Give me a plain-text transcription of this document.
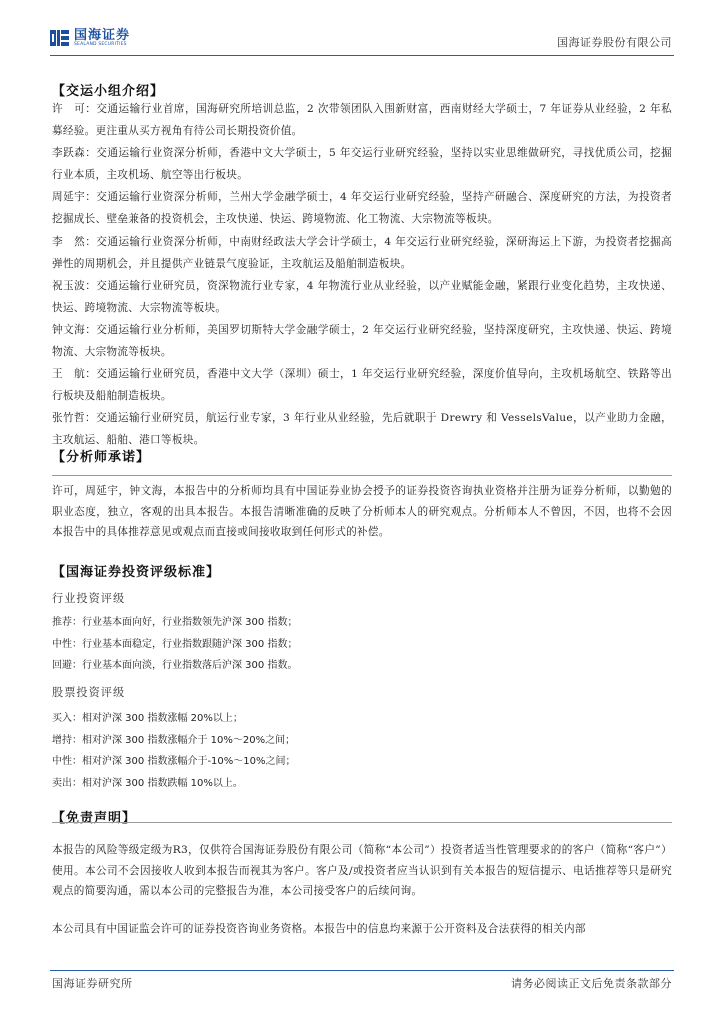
国海证券
SEALAND SECURITIES	国海证券股份有限公司
【交运小组介绍】

许　可：交通运输行业首席，国海研究所培训总监，2 次带领团队入围新财富，西南财经大学硕士，7 年证券从业经验，2 年私募经验。更注重从买方视角有待公司长期投资价值。

李跃森：交通运输行业资深分析师，香港中文大学硕士，5 年交运行业研究经验，坚持以实业思维做研究，寻找优质公司，挖掘行业本质，主攻机场、航空等出行板块。

周延宇：交通运输行业资深分析师，兰州大学金融学硕士，4 年交运行业研究经验，坚持产研融合、深度研究的方法，为投资者挖掘成长、壁垒兼备的投资机会，主攻快递、快运、跨境物流、化工物流、大宗物流等板块。

李　然：交通运输行业资深分析师，中南财经政法大学会计学硕士，4 年交运行业研究经验，深研海运上下游，为投资者挖掘高弹性的周期机会，并且提供产业链景气度验证，主攻航运及船舶制造板块。

祝玉波：交通运输行业研究员，资深物流行业专家，4 年物流行业从业经验，以产业赋能金融，紧跟行业变化趋势，主攻快递、快运、跨境物流、大宗物流等板块。

钟文海：交通运输行业分析师，美国罗切斯特大学金融学硕士，2 年交运行业研究经验，坚持深度研究，主攻快递、快运、跨境物流、大宗物流等板块。

王　航：交通运输行业研究员，香港中文大学（深圳）硕士，1 年交运行业研究经验，深度价值导向，主攻机场航空、铁路等出行板块及船舶制造板块。

张竹哲：交通运输行业研究员，航运行业专家，3 年行业从业经验，先后就职于 Drewry 和 VesselsValue，以产业助力金融，主攻航运、船舶、港口等板块。

【分析师承诺】
许可，周延宇，钟文海，本报告中的分析师均具有中国证券业协会授予的证券投资咨询执业资格并注册为证券分析师，以勤勉的职业态度，独立，客观的出具本报告。本报告清晰准确的反映了分析师本人的研究观点。分析师本人不曾因，不因，也将不会因本报告中的具体推荐意见或观点而直接或间接收取到任何形式的补偿。
【国海证券投资评级标准】
行业投资评级
推荐：行业基本面向好，行业指数领先沪深 300 指数；
中性：行业基本面稳定，行业指数跟随沪深 300 指数；
回避：行业基本面向淡，行业指数落后沪深 300 指数。
股票投资评级
买入：相对沪深 300 指数涨幅 20%以上；
增持：相对沪深 300 指数涨幅介于 10%～20%之间；
中性：相对沪深 300 指数涨幅介于-10%～10%之间；
卖出：相对沪深 300 指数跌幅 10%以上。
【免责声明】
本报告的风险等级定级为R3，仅供符合国海证券股份有限公司（简称“本公司”）投资者适当性管理要求的的客户（简称“客户”）使用。本公司不会因接收人收到本报告而视其为客户。客户及/或投资者应当认识到有关本报告的短信提示、电话推荐等只是研究观点的简要沟通，需以本公司的完整报告为准，本公司接受客户的后续问询。
本公司具有中国证监会许可的证券投资咨询业务资格。本报告中的信息均来源于公开资料及合法获得的相关内部
国海证券研究所	请务必阅读正文后免责条款部分
